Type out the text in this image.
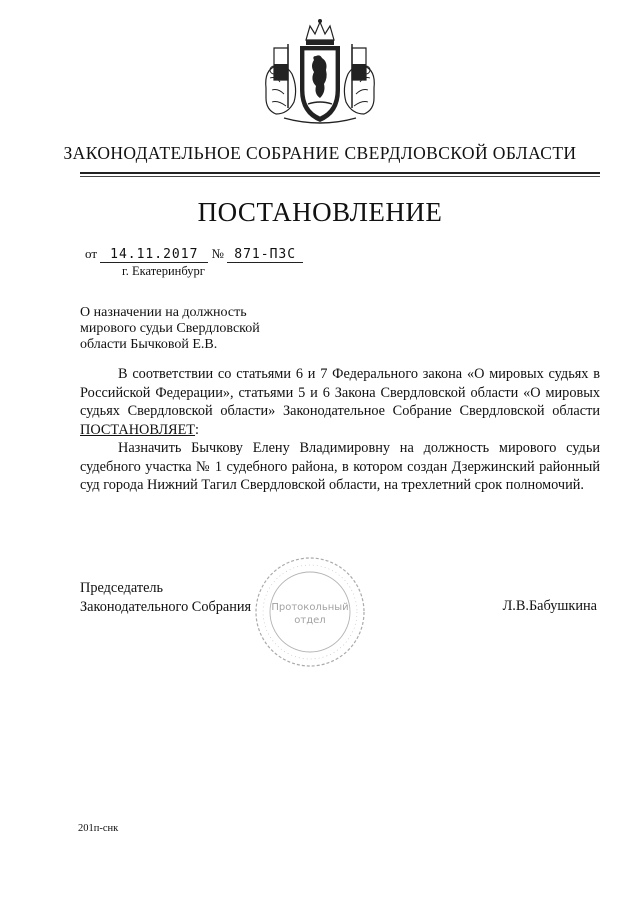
ЗАКОНОДАТЕЛЬНОЕ СОБРАНИЕ СВЕРДЛОВСКОЙ ОБЛАСТИ
ПОСТАНОВЛЕНИЕ
от 14.11.2017 № 871-ПЗС
г. Екатеринбург
О назначении на должность
мирового судьи Свердловской
области Бычковой Е.В.
В соответствии со статьями 6 и 7 Федерального закона «О мировых судьях в Российской Федерации», статьями 5 и 6 Закона Свердловской области «О мировых судьях Свердловской области» Законодательное Собрание Свердловской области ПОСТАНОВЛЯЕТ:
Назначить Бычкову Елену Владимировну на должность мирового судьи судебного участка № 1 судебного района, в котором создан Дзержинский районный суд города Нижний Тагил Свердловской области, на трехлетний срок полномочий.
Протокольный
отдел
Председатель
Законодательного Собрания	Л.В.Бабушкина
201п-снк
